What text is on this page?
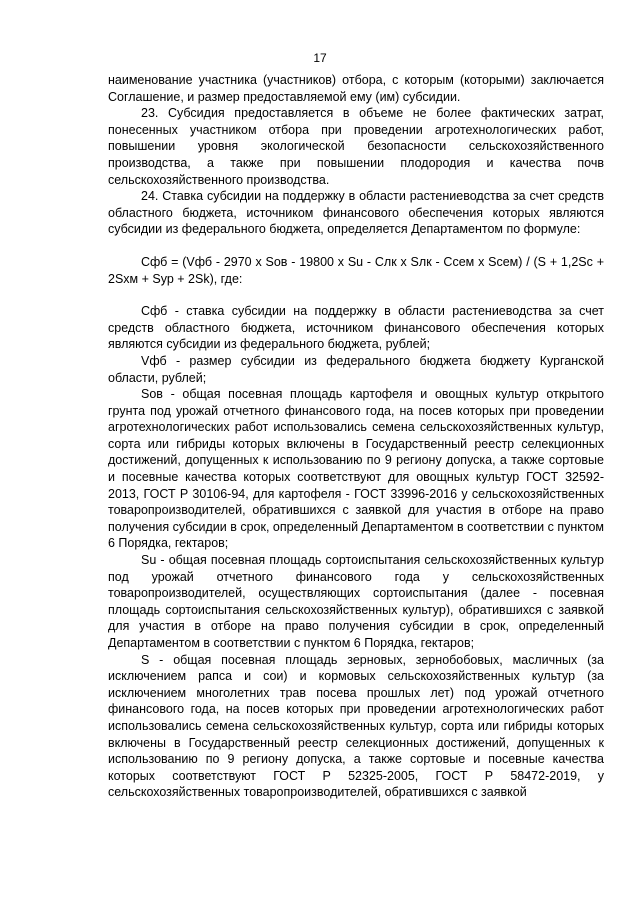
17

наименование участника (участников) отбора, с которым (которыми) заключается Соглашение, и размер предоставляемой ему (им) субсидии.

23. Субсидия предоставляется в объеме не более фактических затрат, понесенных участником отбора при проведении агротехнологических работ, повышении уровня экологической безопасности сельскохозяйственного производства, а также при повышении плодородия и качества почв сельскохозяйственного производства.

24. Ставка субсидии на поддержку в области растениеводства за счет средств областного бюджета, источником финансового обеспечения которых являются субсидии из федерального бюджета, определяется Департаментом по формуле:

Сфб = (Vфб - 2970 x Sов - 19800 x Su - Слк x Sлк - Ссем x Sсем) / (S + 1,2Sс + 2Sхм + Sур + 2Sk), где:

Сфб - ставка субсидии на поддержку в области растениеводства за счет средств областного бюджета, источником финансового обеспечения которых являются субсидии из федерального бюджета, рублей;

Vфб - размер субсидии из федерального бюджета бюджету Курганской области, рублей;

Sов - общая посевная площадь картофеля и овощных культур открытого грунта под урожай отчетного финансового года, на посев которых при проведении агротехнологических работ использовались семена сельскохозяйственных культур, сорта или гибриды которых включены в Государственный реестр селекционных достижений, допущенных к использованию по 9 региону допуска, а также сортовые и посевные качества которых соответствуют для овощных культур ГОСТ 32592-2013, ГОСТ Р 30106-94, для картофеля - ГОСТ 33996-2016 у сельскохозяйственных товаропроизводителей, обратившихся с заявкой для участия в отборе на право получения субсидии в срок, определенный Департаментом в соответствии с пунктом 6 Порядка, гектаров;

Su - общая посевная площадь сортоиспытания сельскохозяйственных культур под урожай отчетного финансового года у сельскохозяйственных товаропроизводителей, осуществляющих сортоиспытания (далее - посевная площадь сортоиспытания сельскохозяйственных культур), обратившихся с заявкой для участия в отборе на право получения субсидии в срок, определенный Департаментом в соответствии с пунктом 6 Порядка, гектаров;

S - общая посевная площадь зерновых, зернобобовых, масличных (за исключением рапса и сои) и кормовых сельскохозяйственных культур (за исключением многолетних трав посева прошлых лет) под урожай отчетного финансового года, на посев которых при проведении агротехнологических работ использовались семена сельскохозяйственных культур, сорта или гибриды которых включены в Государственный реестр селекционных достижений, допущенных к использованию по 9 региону допуска, а также сортовые и посевные качества которых соответствуют ГОСТ Р 52325-2005, ГОСТ Р 58472-2019, у сельскохозяйственных товаропроизводителей, обратившихся с заявкой
